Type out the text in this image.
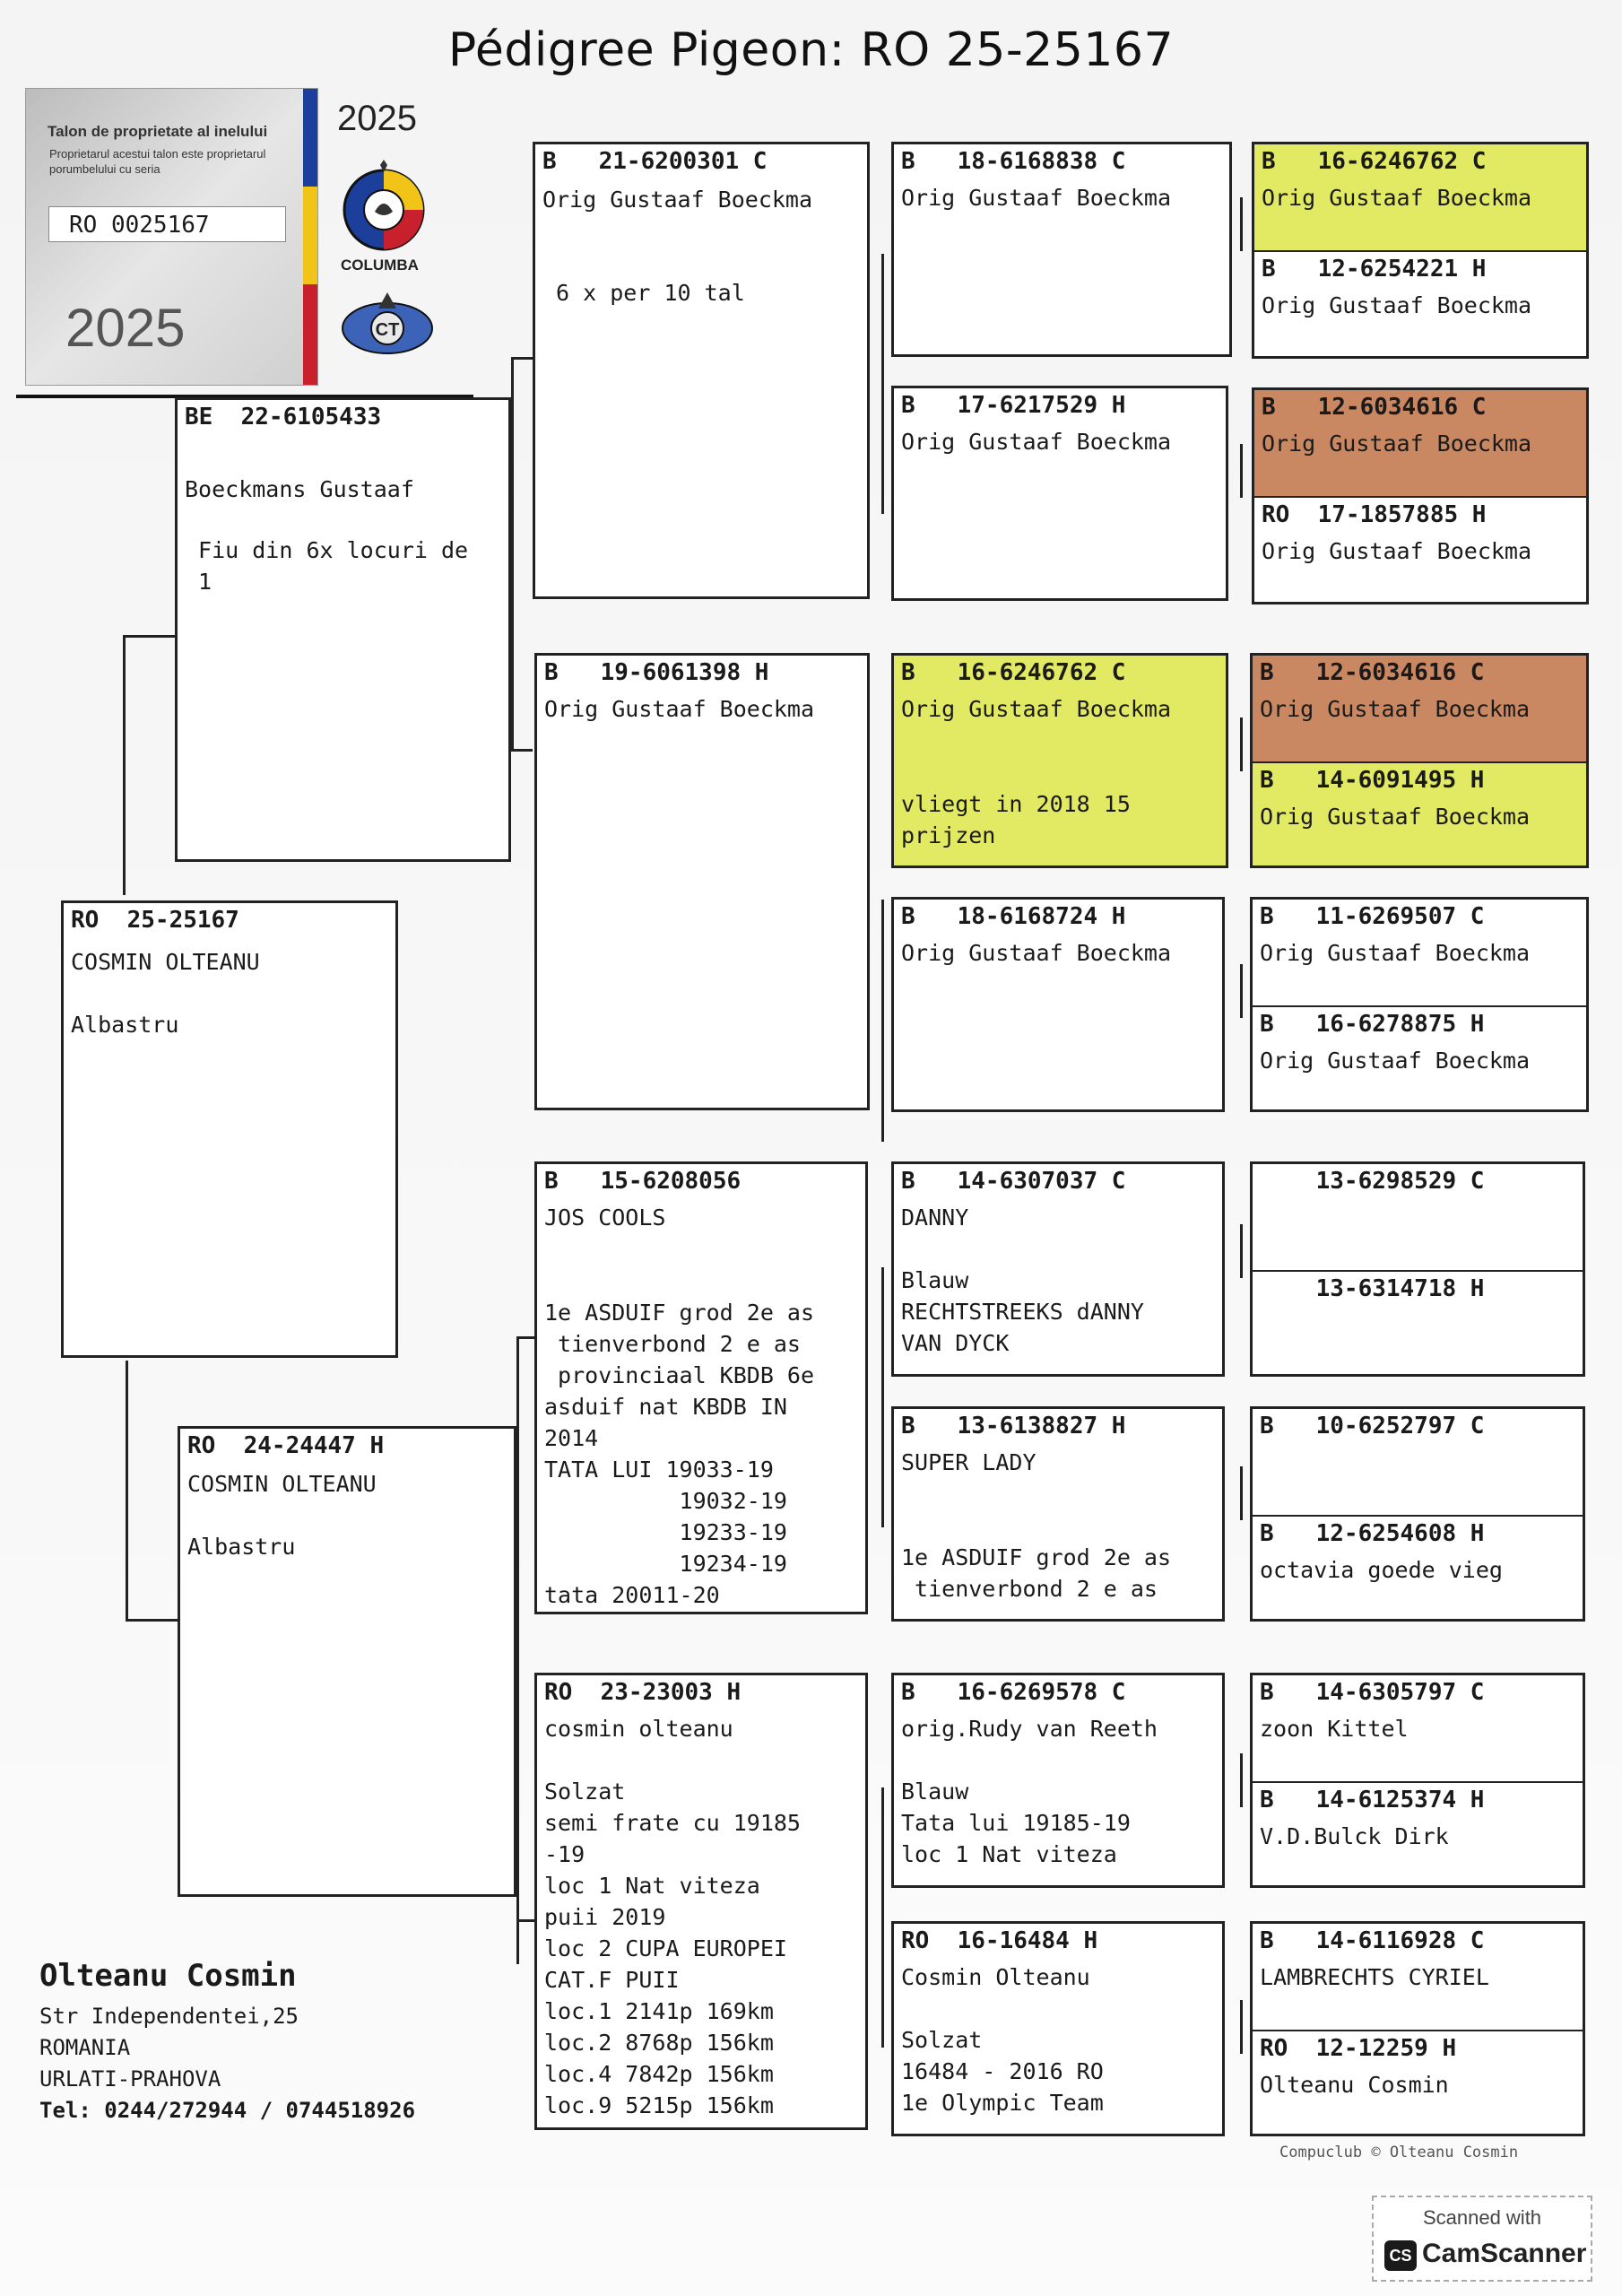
Pédigree Pigeon: RO 25-25167
Talon de proprietate al inelului
Proprietarul acestui talon este proprietarul porumbelului cu seria
RO 0025167
2025
2025
COLUMBA
CT
RO  25-25167
COSMIN OLTEANU
Albastru
BE  22-6105433
Boeckmans Gustaaf
Fiu din 6x locuri de
1
RO  24-24447 H
COSMIN OLTEANU
Albastru
B   21-6200301 C
Orig Gustaaf Boeckma
6 x per 10 tal
B   19-6061398 H
Orig Gustaaf Boeckma
B   15-6208056
JOS COOLS
1e ASDUIF grod 2e as
tienverbond 2 e as
provinciaal KBDB 6e
asduif nat KBDB IN
2014
TATA LUI 19033-19
19032-19
19233-19
19234-19
tata 20011-20
RO  23-23003 H
cosmin olteanu
Solzat
semi frate cu 19185
-19
loc 1 Nat viteza
puii 2019
loc 2 CUPA EUROPEI
CAT.F PUII
loc.1 2141p 169km
loc.2 8768p 156km
loc.4 7842p 156km
loc.9 5215p 156km
B   18-6168838 C
Orig Gustaaf Boeckma
B   17-6217529 H
Orig Gustaaf Boeckma
B   16-6246762 C
Orig Gustaaf Boeckma
vliegt in 2018 15
prijzen
B   18-6168724 H
Orig Gustaaf Boeckma
B   14-6307037 C
DANNY
Blauw
RECHTSTREEKS dANNY
VAN DYCK
B   13-6138827 H
SUPER LADY
1e ASDUIF grod 2e as
tienverbond 2 e as
B   16-6269578 C
orig.Rudy van Reeth
Blauw
Tata lui 19185-19
loc 1 Nat viteza
RO  16-16484 H
Cosmin Olteanu
Solzat
16484 - 2016 RO
1e Olympic Team
B   16-6246762 C
Orig Gustaaf Boeckma
B   12-6254221 H
Orig Gustaaf Boeckma
B   12-6034616 C
Orig Gustaaf Boeckma
RO  17-1857885 H
Orig Gustaaf Boeckma
B   12-6034616 C
Orig Gustaaf Boeckma
B   14-6091495 H
Orig Gustaaf Boeckma
B   11-6269507 C
Orig Gustaaf Boeckma
B   16-6278875 H
Orig Gustaaf Boeckma
13-6298529 C
13-6314718 H
B   10-6252797 C
B   12-6254608 H
octavia goede vieg
B   14-6305797 C
zoon Kittel
B   14-6125374 H
V.D.Bulck Dirk
B   14-6116928 C
LAMBRECHTS CYRIEL
RO  12-12259 H
Olteanu Cosmin
Olteanu Cosmin
Str Independentei,25
ROMANIA
URLATI-PRAHOVA
Tel: 0244/272944 / 0744518926
Compuclub © Olteanu Cosmin
Scanned with
CS CamScanner
